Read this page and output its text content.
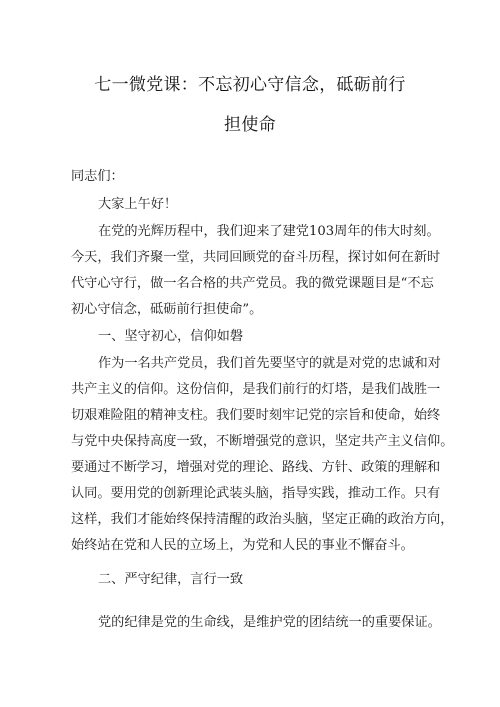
七一微党课：不忘初心守信念，砥砺前行
担使命
同志们：
大家上午好！
在党的光辉历程中，我们迎来了建党103周年的伟大时刻。
今天，我们齐聚一堂，共同回顾党的奋斗历程，探讨如何在新时
代守心守行，做一名合格的共产党员。我的微党课题目是“不忘
初心守信念，砥砺前行担使命”。
一、坚守初心，信仰如磐
作为一名共产党员，我们首先要坚守的就是对党的忠诚和对
共产主义的信仰。这份信仰，是我们前行的灯塔，是我们战胜一
切艰难险阻的精神支柱。我们要时刻牢记党的宗旨和使命，始终
与党中央保持高度一致，不断增强党的意识，坚定共产主义信仰。
要通过不断学习，增强对党的理论、路线、方针、政策的理解和
认同。要用党的创新理论武装头脑，指导实践，推动工作。只有
这样，我们才能始终保持清醒的政治头脑，坚定正确的政治方向，
始终站在党和人民的立场上，为党和人民的事业不懈奋斗。
二、严守纪律，言行一致
党的纪律是党的生命线，是维护党的团结统一的重要保证。
